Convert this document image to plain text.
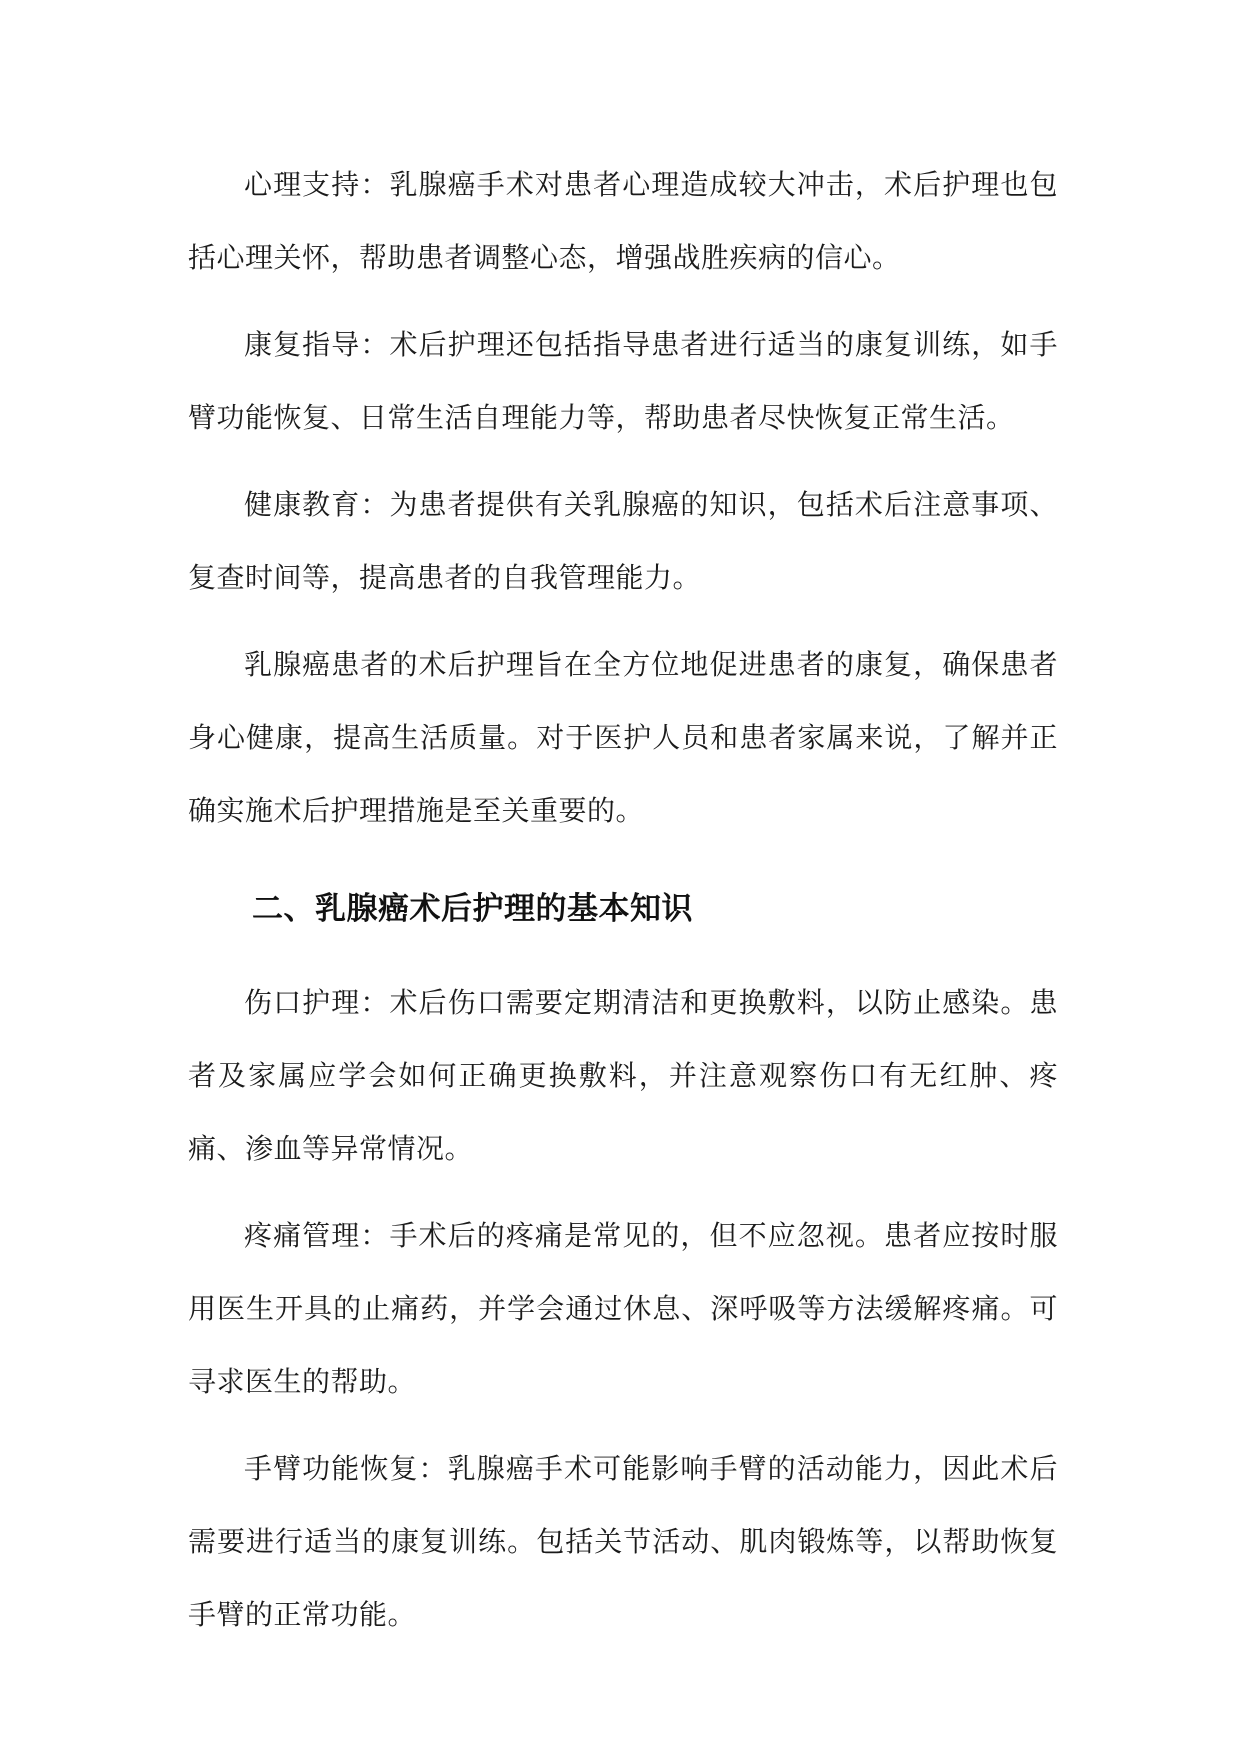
心理支持：乳腺癌手术对患者心理造成较大冲击，术后护理也包括心理关怀，帮助患者调整心态，增强战胜疾病的信心。

康复指导：术后护理还包括指导患者进行适当的康复训练，如手臂功能恢复、日常生活自理能力等，帮助患者尽快恢复正常生活。

健康教育：为患者提供有关乳腺癌的知识，包括术后注意事项、复查时间等，提高患者的自我管理能力。

乳腺癌患者的术后护理旨在全方位地促进患者的康复，确保患者身心健康，提高生活质量。对于医护人员和患者家属来说，了解并正确实施术后护理措施是至关重要的。

二、乳腺癌术后护理的基本知识

伤口护理：术后伤口需要定期清洁和更换敷料，以防止感染。患者及家属应学会如何正确更换敷料，并注意观察伤口有无红肿、疼痛、渗血等异常情况。

疼痛管理：手术后的疼痛是常见的，但不应忽视。患者应按时服用医生开具的止痛药，并学会通过休息、深呼吸等方法缓解疼痛。可寻求医生的帮助。

手臂功能恢复：乳腺癌手术可能影响手臂的活动能力，因此术后需要进行适当的康复训练。包括关节活动、肌肉锻炼等，以帮助恢复手臂的正常功能。
